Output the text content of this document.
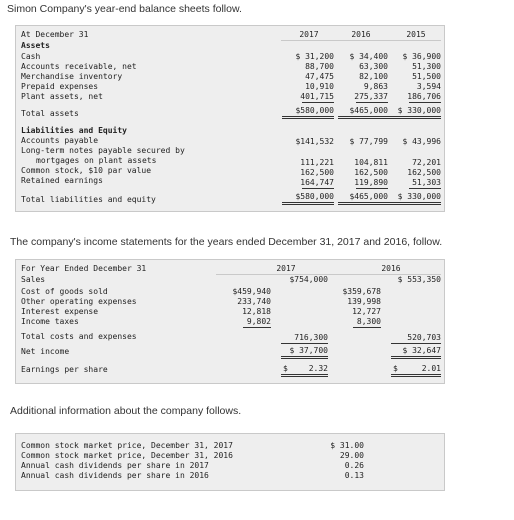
Simon Company's year-end balance sheets follow.
The company's income statements for the years ended December 31, 2017 and 2016, follow.
Additional information about the company follows.
At December 31	2017	2016	2015
Assets
Cash	$ 31,200	$ 34,400	$ 36,900
Accounts receivable, net	88,700	63,300	51,300
Merchandise inventory	47,475	82,100	51,500
Prepaid expenses	10,910	9,863	3,594
Plant assets, net	401,715	275,337	186,706
Total assets	$580,000	$465,000	$ 330,000
Liabilities and Equity
Accounts payable	$141,532	$ 77,799	$ 43,996
Long-term notes payable secured by
mortgages on plant assets	111,221	104,811	72,201
Common stock, $10 par value	162,500	162,500	162,500
Retained earnings	164,747	119,890	51,303
Total liabilities and equity	$580,000	$465,000	$ 330,000
For Year Ended December 31	2017	2016
Sales	$754,000	$ 553,350
Cost of goods sold	$459,940	$359,678
Other operating expenses	233,740	139,998
Interest expense	12,818	12,727
Income taxes	9,802	8,300
Total costs and expenses	716,300	520,703
Net income	$ 37,700	$ 32,647
Earnings per share	$	2.32	$	2.01
Common stock market price, December 31, 2017	$ 31.00
Common stock market price, December 31, 2016	29.00
Annual cash dividends per share in 2017	0.26
Annual cash dividends per share in 2016	0.13
